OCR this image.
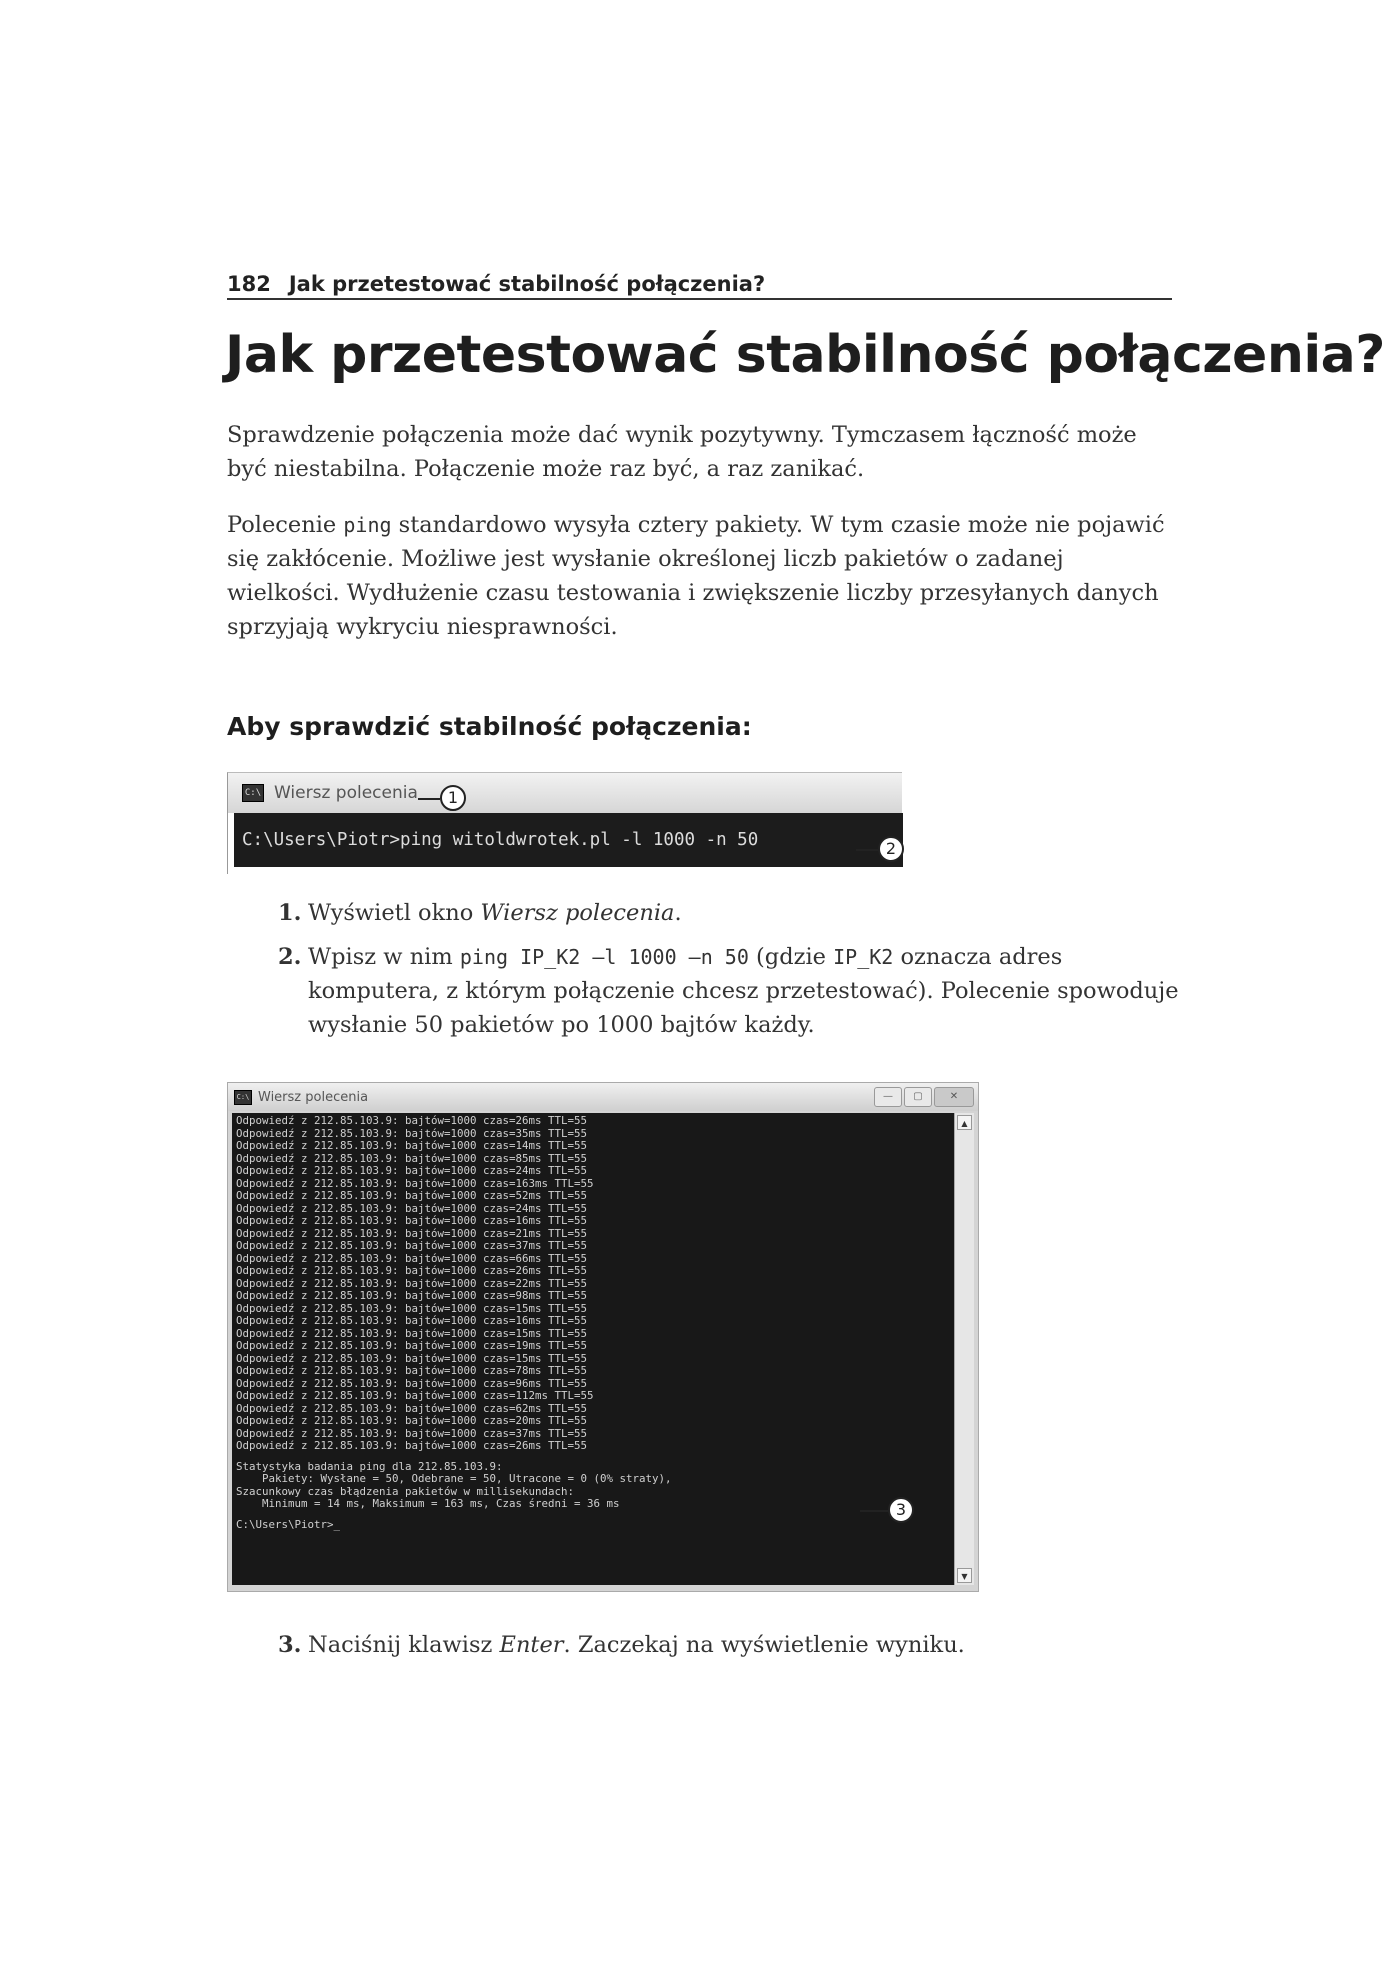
182 Jak przetestować stabilność połączenia?
Jak przetestować stabilność połączenia?

Sprawdzenie połączenia może dać wynik pozytywny. Tymczasem łączność może być niestabilna. Połączenie może raz być, a raz zanikać.

Polecenie ping standardowo wysyła cztery pakiety. W tym czasie może nie pojawić się zakłócenie. Możliwe jest wysłanie określonej liczb pakietów o zadanej wielkości. Wydłużenie czasu testowania i zwiększenie liczby przesyłanych danych sprzyjają wykryciu niesprawności.

Aby sprawdzić stabilność połączenia:
C:\ Wiersz polecenia
C:\Users\Piotr>ping witoldwrotek.pl -l 1000 -n 50
1
2

1. Wyświetl okno Wiersz polecenia.

2. Wpisz w nim ping IP_K2 –l 1000 –n 50 (gdzie IP_K2 oznacza adres komputera, z którym połączenie chcesz przetestować). Polecenie spowoduje wysłanie 50 pakietów po 1000 bajtów każdy.

C:\ Wiersz polecenia	—	▢	✕
Odpowiedź z 212.85.103.9: bajtów=1000 czas=26ms TTL=55
Odpowiedź z 212.85.103.9: bajtów=1000 czas=35ms TTL=55
Odpowiedź z 212.85.103.9: bajtów=1000 czas=14ms TTL=55
Odpowiedź z 212.85.103.9: bajtów=1000 czas=85ms TTL=55
Odpowiedź z 212.85.103.9: bajtów=1000 czas=24ms TTL=55
Odpowiedź z 212.85.103.9: bajtów=1000 czas=163ms TTL=55
Odpowiedź z 212.85.103.9: bajtów=1000 czas=52ms TTL=55
Odpowiedź z 212.85.103.9: bajtów=1000 czas=24ms TTL=55
Odpowiedź z 212.85.103.9: bajtów=1000 czas=16ms TTL=55
Odpowiedź z 212.85.103.9: bajtów=1000 czas=21ms TTL=55
Odpowiedź z 212.85.103.9: bajtów=1000 czas=37ms TTL=55
Odpowiedź z 212.85.103.9: bajtów=1000 czas=66ms TTL=55
Odpowiedź z 212.85.103.9: bajtów=1000 czas=26ms TTL=55
Odpowiedź z 212.85.103.9: bajtów=1000 czas=22ms TTL=55
Odpowiedź z 212.85.103.9: bajtów=1000 czas=98ms TTL=55
Odpowiedź z 212.85.103.9: bajtów=1000 czas=15ms TTL=55
Odpowiedź z 212.85.103.9: bajtów=1000 czas=16ms TTL=55
Odpowiedź z 212.85.103.9: bajtów=1000 czas=15ms TTL=55
Odpowiedź z 212.85.103.9: bajtów=1000 czas=19ms TTL=55
Odpowiedź z 212.85.103.9: bajtów=1000 czas=15ms TTL=55
Odpowiedź z 212.85.103.9: bajtów=1000 czas=78ms TTL=55
Odpowiedź z 212.85.103.9: bajtów=1000 czas=96ms TTL=55
Odpowiedź z 212.85.103.9: bajtów=1000 czas=112ms TTL=55
Odpowiedź z 212.85.103.9: bajtów=1000 czas=62ms TTL=55
Odpowiedź z 212.85.103.9: bajtów=1000 czas=20ms TTL=55
Odpowiedź z 212.85.103.9: bajtów=1000 czas=37ms TTL=55
Odpowiedź z 212.85.103.9: bajtów=1000 czas=26ms TTL=55
Statystyka badania ping dla 212.85.103.9:
Pakiety: Wysłane = 50, Odebrane = 50, Utracone = 0 (0% straty),
Szacunkowy czas błądzenia pakietów w millisekundach:
Minimum = 14 ms, Maksimum = 163 ms, Czas średni = 36 ms
C:\Users\Piotr>_
▲
▼
3

3. Naciśnij klawisz Enter. Zaczekaj na wyświetlenie wyniku.
